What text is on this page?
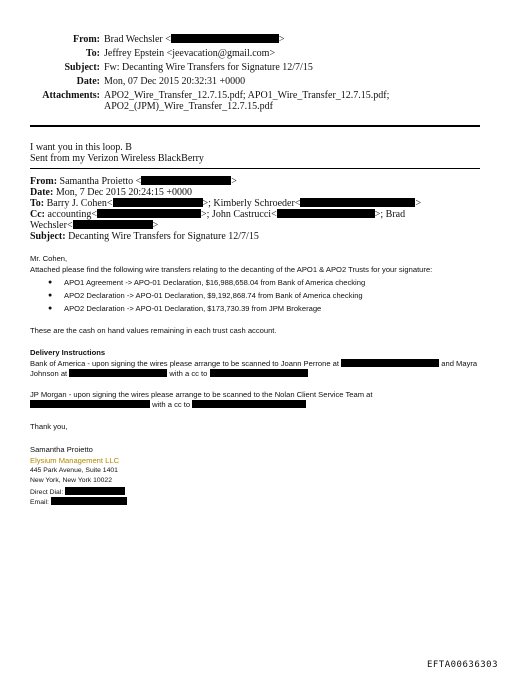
From: Brad Wechsler <	>
To: Jeffrey Epstein <jeevacation@gmail.com>
Subject: Fw: Decanting Wire Transfers for Signature 12/7/15
Date: Mon, 07 Dec 2015 20:32:31 +0000
Attachments: APO2_Wire_Transfer_12.7.15.pdf; APO1_Wire_Transfer_12.7.15.pdf;
APO2_(JPM)_Wire_Transfer_12.7.15.pdf
I want you in this loop. B
Sent from my Verizon Wireless BlackBerry
From: Samantha Proietto <	>
Date: Mon, 7 Dec 2015 20:24:15 +0000
To: Barry J. Cohen<	>; Kimberly Schroeder<	>
Cc: accounting<	>; John Castrucci<	>; Brad
Wechsler<	>
Subject: Decanting Wire Transfers for Signature 12/7/15
Mr. Cohen,
Attached please find the following wire transfers relating to the decanting of the APO1 & APO2 Trusts for your signature:
● APO1 Agreement -> APO-01 Declaration, $16,988,658.04 from Bank of America checking
● APO2 Declaration -> APO-01 Declaration, $9,192,868.74 from Bank of America checking
● APO2 Declaration -> APO-01 Declaration, $173,730.39 from JPM Brokerage
These are the cash on hand values remaining in each trust cash account.
Delivery Instructions
Bank of America - upon signing the wires please arrange to be scanned to Joann Perrone at	and Mayra
Johnson at	with a cc to
JP Morgan - upon signing the wires please arrange to be scanned to the Nolan Client Service Team at
with a cc to
Thank you,
Samantha Proietto
Elysium Management LLC
445 Park Avenue, Suite 1401
New York, New York 10022
Direct Dial:
Email:
EFTA00636303
